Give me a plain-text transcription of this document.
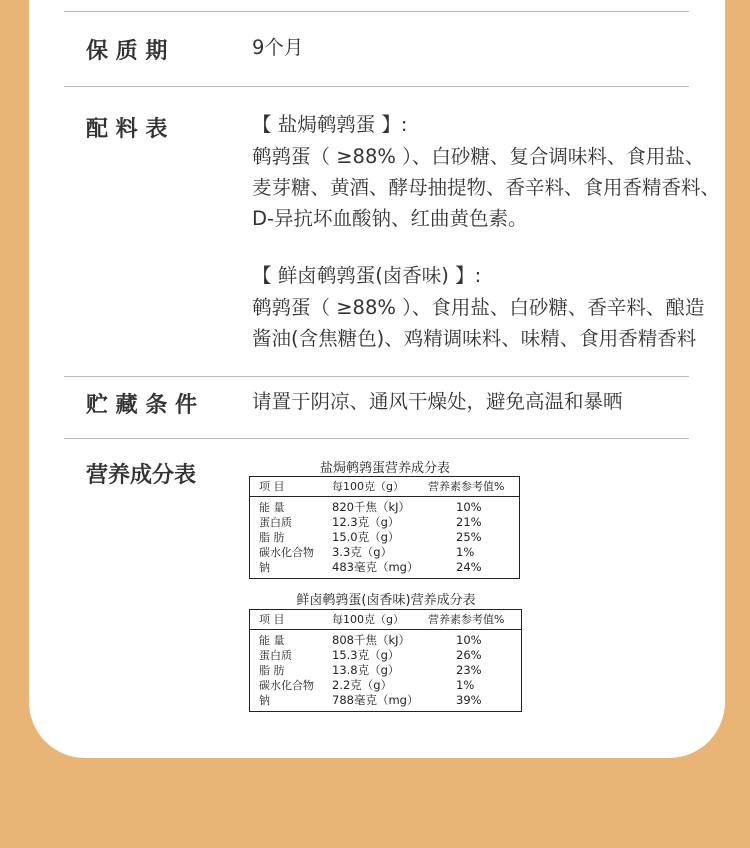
保 质 期	9个月
配 料 表	【 盐焗鹌鹑蛋 】:
鹌鹑蛋（ ≥88% ）、白砂糖、复合调味料、食用盐、
麦芽糖、黄酒、酵母抽提物、香辛料、食用香精香料、
D-异抗坏血酸钠、红曲黄色素。
【 鲜卤鹌鹑蛋(卤香味) 】:
鹌鹑蛋（ ≥88% ）、食用盐、白砂糖、香辛料、酿造
酱油(含焦糖色)、鸡精调味料、味精、食用香精香料
贮 藏 条 件	请置于阴凉、通风干燥处，避免高温和暴晒
营养成分表	盐焗鹌鹑蛋营养成分表
项 目	每100克（g） 营养素参考值%
能 量	820千焦（kJ）	10%
蛋白质	12.3克（g）	21%
脂 肪	15.0克（g）	25%
碳水化合物 3.3克（g）	1%
钠	483毫克（mg）	24%
鲜卤鹌鹑蛋(卤香味)营养成分表
项 目	每100克（g） 营养素参考值%
能 量	808千焦（kJ）	10%
蛋白质	15.3克（g）	26%
脂 肪	13.8克（g）	23%
碳水化合物 2.2克（g）	1%
钠	788毫克（mg）	39%
